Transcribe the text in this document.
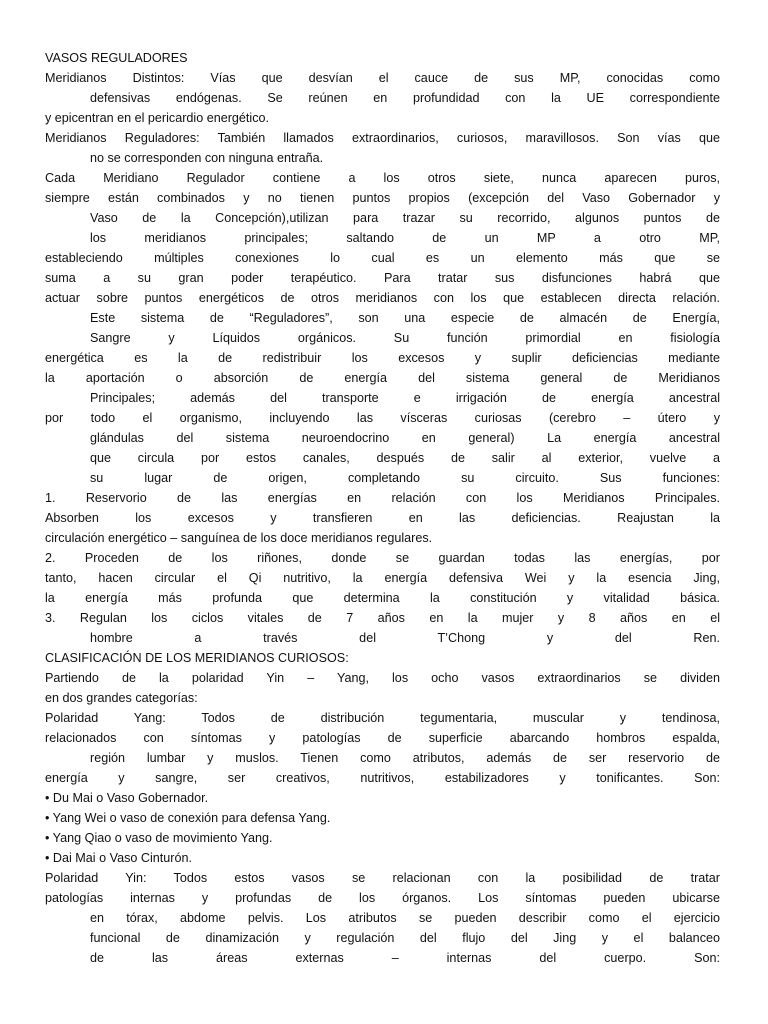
VASOS REGULADORES
Meridianos Distintos: Vías que desvían el cauce de sus MP, conocidas como
defensivas endógenas. Se reúnen en profundidad con la UE correspondiente
y epicentran en el pericardio energético.
Meridianos Reguladores: También llamados extraordinarios, curiosos, maravillosos. Son vías que
no se corresponden con ninguna entraña.
Cada Meridiano Regulador contiene a los otros siete, nunca aparecen puros,
siempre están combinados y no tienen puntos propios (excepción del Vaso Gobernador y
Vaso de la Concepción),utilizan para trazar su recorrido, algunos puntos de
los meridianos principales; saltando de un MP a otro MP,
estableciendo múltiples conexiones lo cual es un elemento más que se
suma a su gran poder terapéutico. Para tratar sus disfunciones habrá que
actuar sobre puntos energéticos de otros meridianos con los que establecen directa relación.
Este sistema de “Reguladores”, son una especie de almacén de Energía,
Sangre y Líquidos orgánicos. Su función primordial en fisiología
energética es la de redistribuir los excesos y suplir deficiencias mediante
la aportación o absorción de energía del sistema general de Meridianos
Principales; además del transporte e irrigación de energía ancestral
por todo el organismo, incluyendo las vísceras curiosas (cerebro – útero y
glándulas del sistema neuroendocrino en general) La energía ancestral
que circula por estos canales, después de salir al exterior, vuelve a
su lugar de origen, completando su circuito. Sus funciones:
1. Reservorio de las energías en relación con los Meridianos Principales.
Absorben los excesos y transfieren en las deficiencias. Reajustan la
circulación energético – sanguínea de los doce meridianos regulares.
2. Proceden de los riñones, donde se guardan todas las energías, por
tanto, hacen circular el Qi nutritivo, la energía defensiva Wei y la esencia Jing,
la energía más profunda que determina la constitución y vitalidad básica.
3. Regulan los ciclos vitales de 7 años en la mujer y 8 años en el
hombre a través del T’Chong y del Ren.
CLASIFICACIÓN DE LOS MERIDIANOS CURIOSOS:
Partiendo de la polaridad Yin – Yang, los ocho vasos extraordinarios se dividen
en dos grandes categorías:
Polaridad Yang: Todos de distribución tegumentaria, muscular y tendinosa,
relacionados con síntomas y patologías de superficie abarcando hombros espalda,
región lumbar y muslos. Tienen como atributos, además de ser reservorio de
energía y sangre, ser creativos, nutritivos, estabilizadores y tonificantes. Son:
• Du Mai o Vaso Gobernador.
• Yang Wei o vaso de conexión para defensa Yang.
• Yang Qiao o vaso de movimiento Yang.
• Dai Mai o Vaso Cinturón.
Polaridad Yin: Todos estos vasos se relacionan con la posibilidad de tratar
patologías internas y profundas de los órganos. Los síntomas pueden ubicarse
en tórax, abdome pelvis. Los atributos se pueden describir como el ejercicio
funcional de dinamización y regulación del flujo del Jing y el balanceo
de las áreas externas – internas del cuerpo. Son:
